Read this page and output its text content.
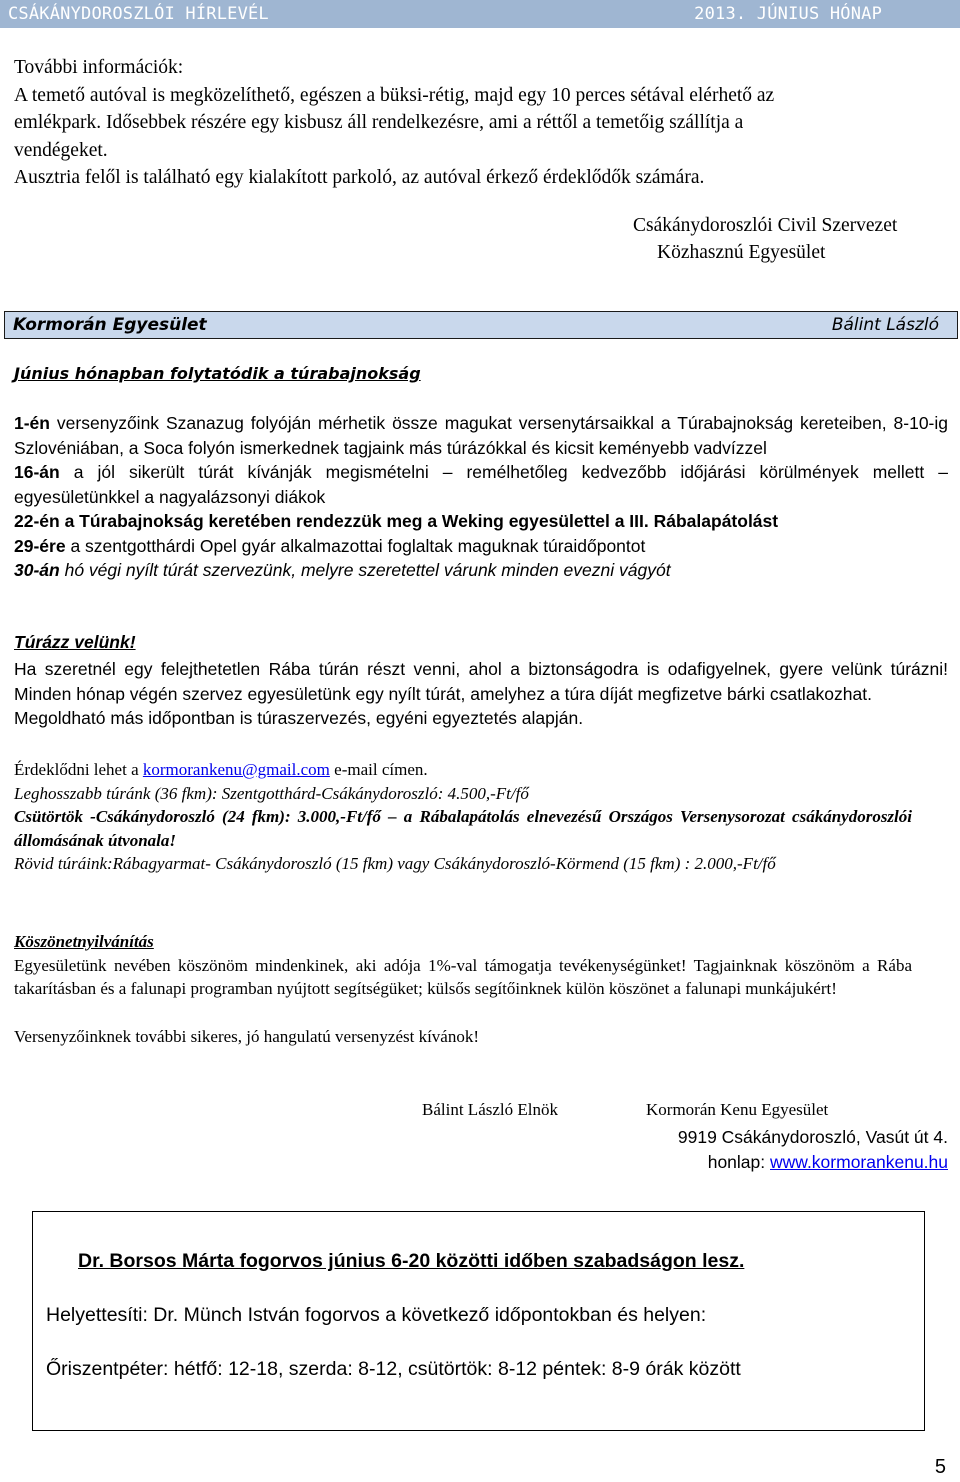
CSÁKÁNYDOROSZLÓI HÍRLEVÉL	2013. JÚNIUS HÓNAP
További információk:
A temető autóval is megközelíthető, egészen a büksi-rétig, majd egy 10 perces sétával elérhető az
emlékpark. Idősebbek részére egy kisbusz áll rendelkezésre, ami a réttől a temetőig szállítja a
vendégeket.
Ausztria felől is található egy kialakított parkoló, az autóval érkező érdeklődők számára.
Csákánydoroszlói Civil Szervezet
Közhasznú Egyesület
Kormorán Egyesület	Bálint László
Június hónapban folytatódik a túrabajnokság

1-én versenyzőink Szanazug folyóján mérhetik össze magukat versenytársaikkal a Túrabajnokság kereteiben, 8-10-ig Szlovéniában, a Soca folyón ismerkednek tagjaink más túrázókkal és kicsit keményebb vadvízzel

16-án a jól sikerült túrát kívánják megismételni – remélhetőleg kedvezőbb időjárási körülmények mellett – egyesületünkkel a nagyalázsonyi diákok

22-én a Túrabajnokság keretében rendezzük meg a Weking egyesülettel a III. Rábalapátolást

29-ére a szentgotthárdi Opel gyár alkalmazottai foglaltak maguknak túraidőpontot

30-án hó végi nyílt túrát szervezünk, melyre szeretettel várunk minden evezni vágyót

Túrázz velünk!

Ha szeretnél egy felejthetetlen Rába túrán részt venni, ahol a biztonságodra is odafigyelnek, gyere velünk túrázni! Minden hónap végén szervez egyesületünk egy nyílt túrát, amelyhez a túra díját megfizetve bárki csatlakozhat.

Megoldható más időpontban is túraszervezés, egyéni egyeztetés alapján.

Érdeklődni lehet a kormorankenu@gmail.com e-mail címen.

Leghosszabb túránk (36 fkm): Szentgotthárd-Csákánydoroszló: 4.500,-Ft/fő

Csütörtök -Csákánydoroszló (24 fkm): 3.000,-Ft/fő – a Rábalapátolás elnevezésű Országos Versenysorozat csákánydoroszlói állomásának útvonala!

Rövid túráink:Rábagyarmat- Csákánydoroszló (15 fkm) vagy Csákánydoroszló-Körmend (15 fkm) : 2.000,-Ft/fő

Köszönetnyilvánítás

Egyesületünk nevében köszönöm mindenkinek, aki adója 1%-val támogatja tevékenységünket! Tagjainknak köszönöm a Rába takarításban és a falunapi programban nyújtott segítségüket; külsős segítőinknek külön köszönet a falunapi munkájukért!

Versenyzőinknek további sikeres, jó hangulatú versenyzést kívánok!

Bálint László Elnök	Kormorán Kenu Egyesület
9919 Csákánydoroszló, Vasút út 4.
honlap: www.kormorankenu.hu
Dr. Borsos Márta fogorvos június 6-20 közötti időben szabadságon lesz.
Helyettesíti: Dr. Münch István fogorvos a következő időpontokban és helyen:
Őriszentpéter: hétfő: 12-18, szerda: 8-12, csütörtök: 8-12 péntek: 8-9 órák között
5
